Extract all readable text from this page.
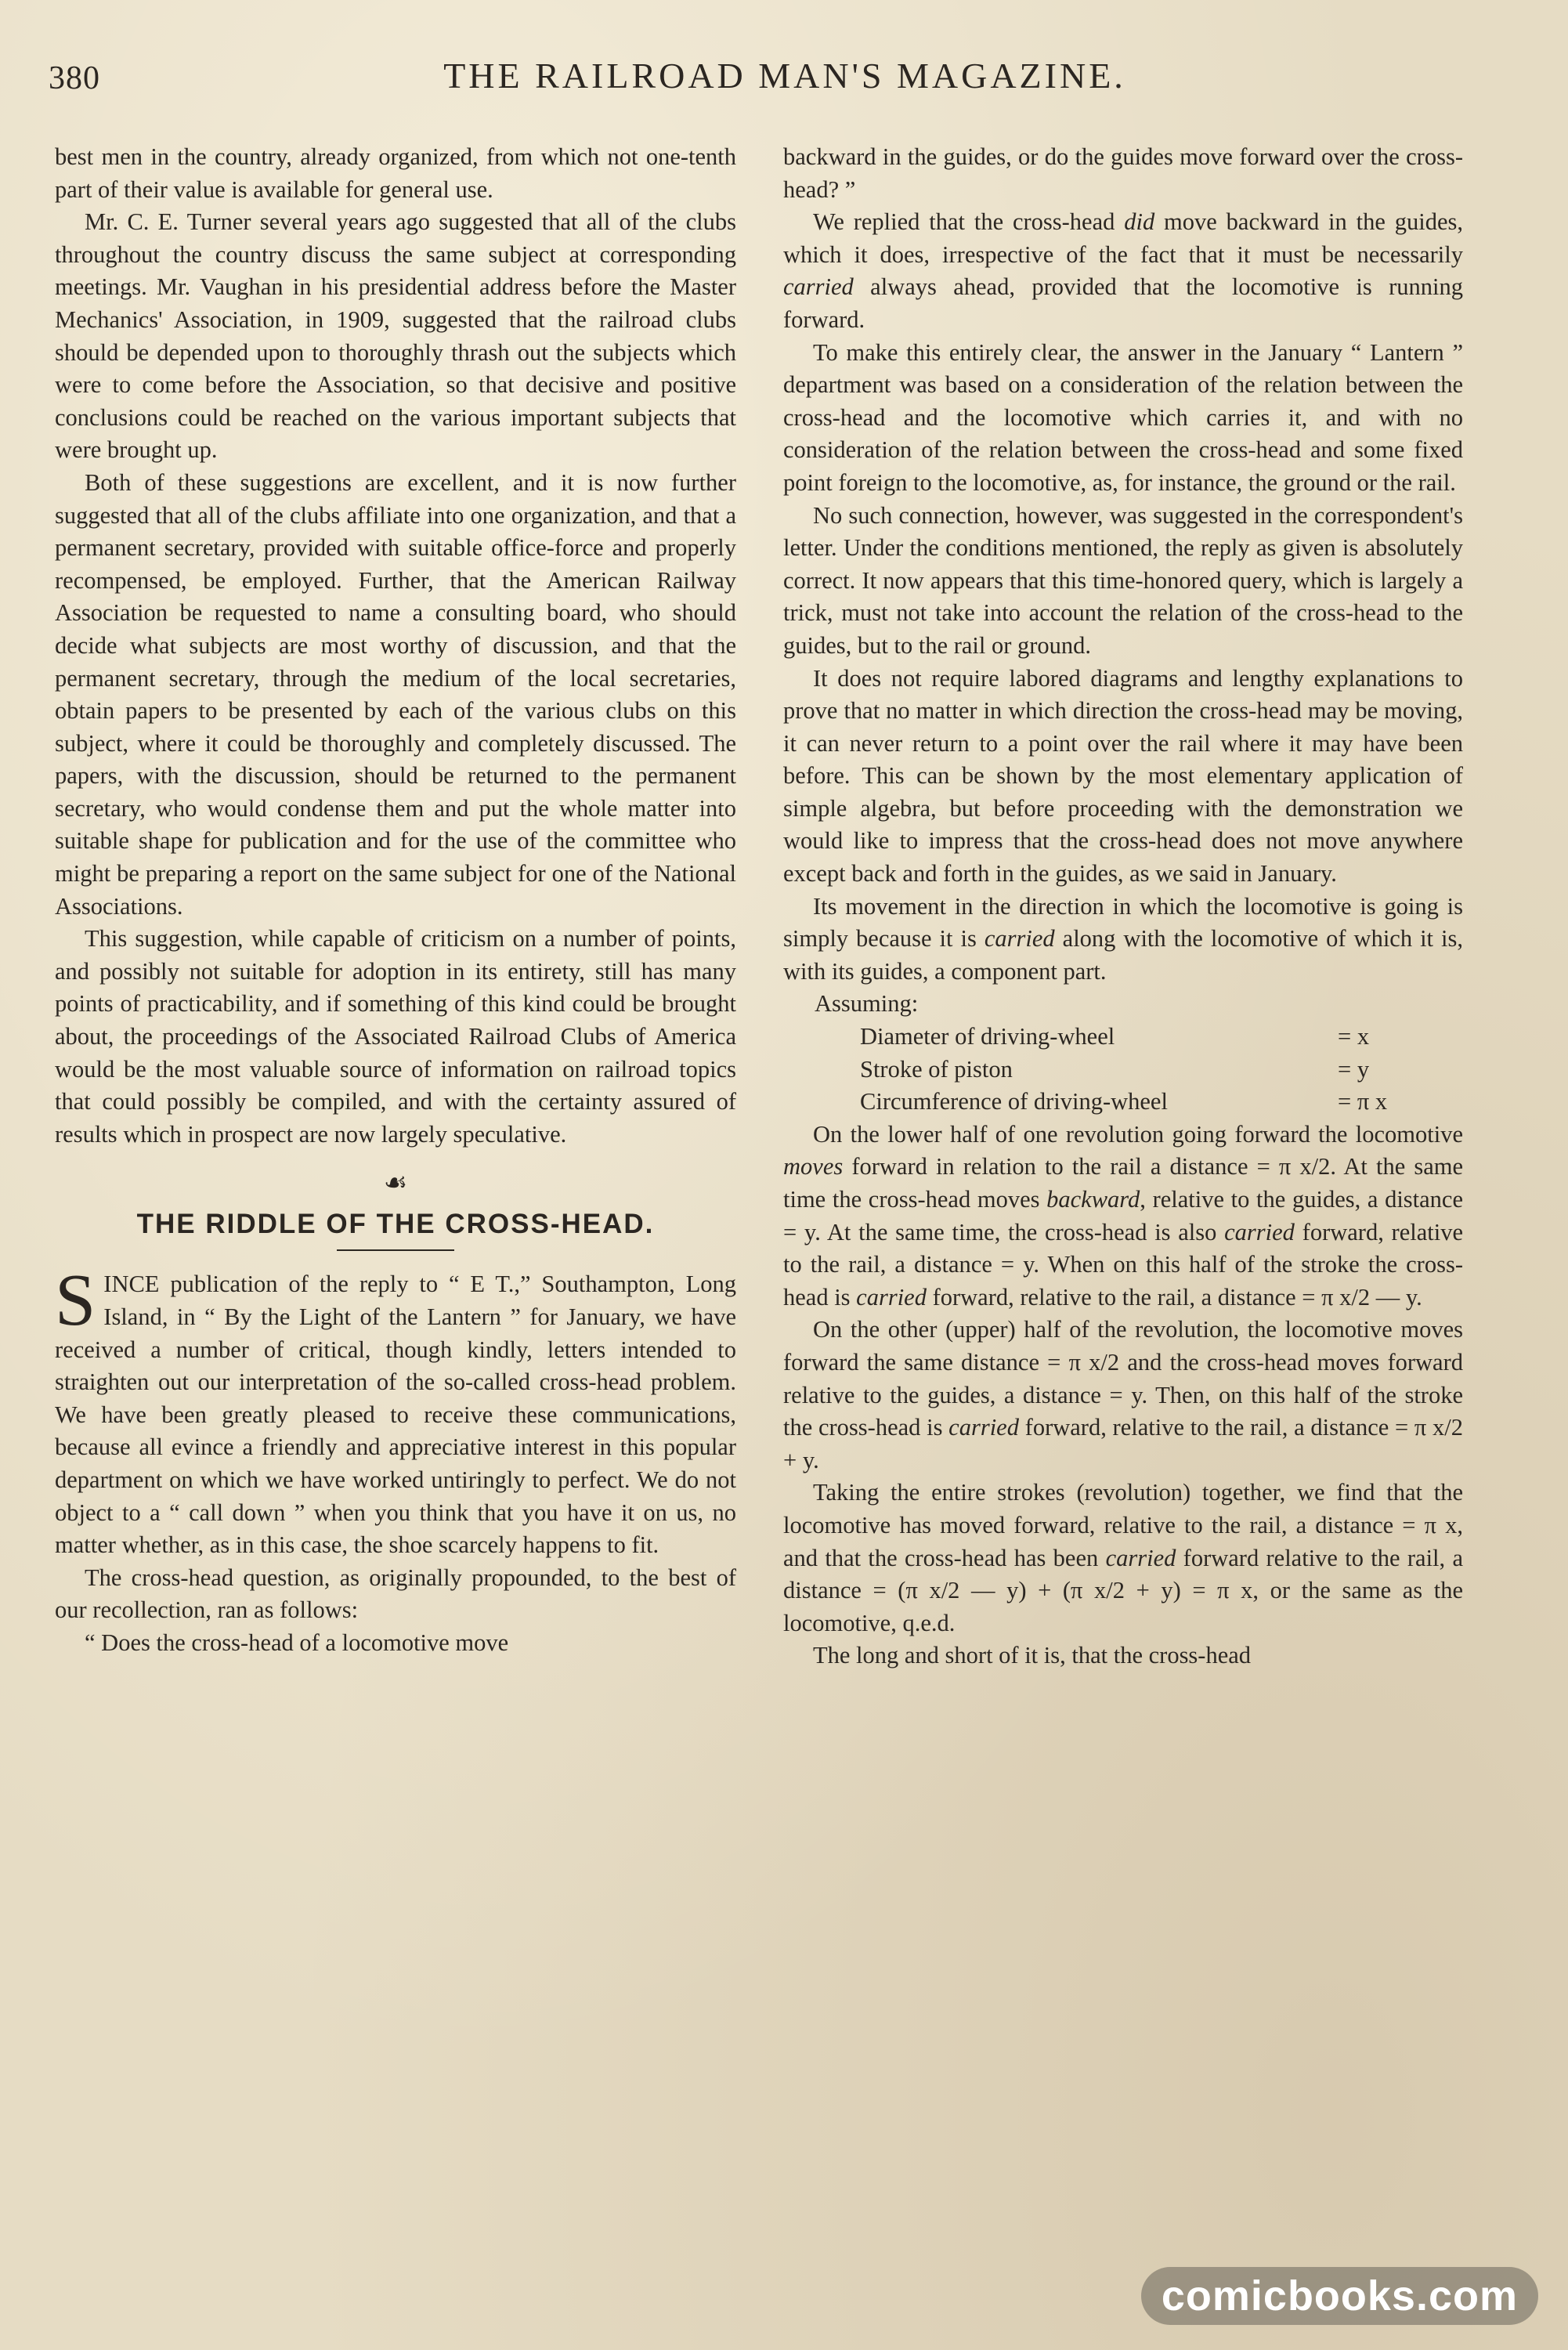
380	THE RAILROAD MAN'S MAGAZINE.

best men in the country, already organized, from which not one-tenth part of their value is available for general use.

Mr. C. E. Turner several years ago suggested that all of the clubs throughout the country discuss the same subject at corresponding meetings. Mr. Vaughan in his presidential address before the Master Mechanics' Association, in 1909, suggested that the railroad clubs should be depended upon to thoroughly thrash out the subjects which were to come before the Association, so that decisive and positive conclusions could be reached on the various important subjects that were brought up.

Both of these suggestions are excellent, and it is now further suggested that all of the clubs affiliate into one organization, and that a permanent secretary, provided with suitable office-force and properly recompensed, be employed. Further, that the American Railway Association be requested to name a consulting board, who should decide what subjects are most worthy of discussion, and that the permanent secretary, through the medium of the local secretaries, obtain papers to be presented by each of the various clubs on this subject, where it could be thoroughly and completely discussed. The papers, with the discussion, should be returned to the permanent secretary, who would condense them and put the whole matter into suitable shape for publication and for the use of the committee who might be preparing a report on the same subject for one of the National Associations.

This suggestion, while capable of criticism on a number of points, and possibly not suitable for adoption in its entirety, still has many points of practicability, and if something of this kind could be brought about, the proceedings of the Associated Railroad Clubs of America would be the most valuable source of information on railroad topics that could possibly be compiled, and with the certainty assured of results which in prospect are now largely speculative.

☙
THE RIDDLE OF THE CROSS-HEAD.

SINCE publication of the reply to “ E T.,” Southampton, Long Island, in “ By the Light of the Lantern ” for January, we have received a number of critical, though kindly, letters intended to straighten out our interpretation of the so-called cross-head problem. We have been greatly pleased to receive these communications, because all evince a friendly and appreciative interest in this popular department on which we have worked untiringly to perfect. We do not object to a “ call down ” when you think that you have it on us, no matter whether, as in this case, the shoe scarcely happens to fit.

The cross-head question, as originally propounded, to the best of our recollection, ran as follows:

“ Does the cross-head of a locomotive move

backward in the guides, or do the guides move forward over the cross-head? ”

We replied that the cross-head did move backward in the guides, which it does, irrespective of the fact that it must be necessarily carried always ahead, provided that the locomotive is running forward.

To make this entirely clear, the answer in the January “ Lantern ” department was based on a consideration of the relation between the cross-head and the locomotive which carries it, and with no consideration of the relation between the cross-head and some fixed point foreign to the locomotive, as, for instance, the ground or the rail.

No such connection, however, was suggested in the correspondent's letter. Under the conditions mentioned, the reply as given is absolutely correct. It now appears that this time-honored query, which is largely a trick, must not take into account the relation of the cross-head to the guides, but to the rail or ground.

It does not require labored diagrams and lengthy explanations to prove that no matter in which direction the cross-head may be moving, it can never return to a point over the rail where it may have been before. This can be shown by the most elementary application of simple algebra, but before proceeding with the demonstration we would like to impress that the cross-head does not move anywhere except back and forth in the guides, as we said in January.

Its movement in the direction in which the locomotive is going is simply because it is carried along with the locomotive of which it is, with its guides, a component part.

Assuming:
Diameter of driving-wheel	= x
Stroke of piston	= y
Circumference of driving-wheel	= π x

On the lower half of one revolution going forward the locomotive moves forward in relation to the rail a distance = π x/2. At the same time the cross-head moves backward, relative to the guides, a distance = y. At the same time, the cross-head is also carried forward, relative to the rail, a distance = y. When on this half of the stroke the cross-head is carried forward, relative to the rail, a distance = π x/2 — y.

On the other (upper) half of the revolution, the locomotive moves forward the same distance = π x/2 and the cross-head moves forward relative to the guides, a distance = y. Then, on this half of the stroke the cross-head is carried forward, relative to the rail, a distance = π x/2 + y.

Taking the entire strokes (revolution) together, we find that the locomotive has moved forward, relative to the rail, a distance = π x, and that the cross-head has been carried forward relative to the rail, a distance = (π x/2 — y) + (π x/2 + y) = π x, or the same as the locomotive, q.e.d.

The long and short of it is, that the cross-head

comicbooks.com
